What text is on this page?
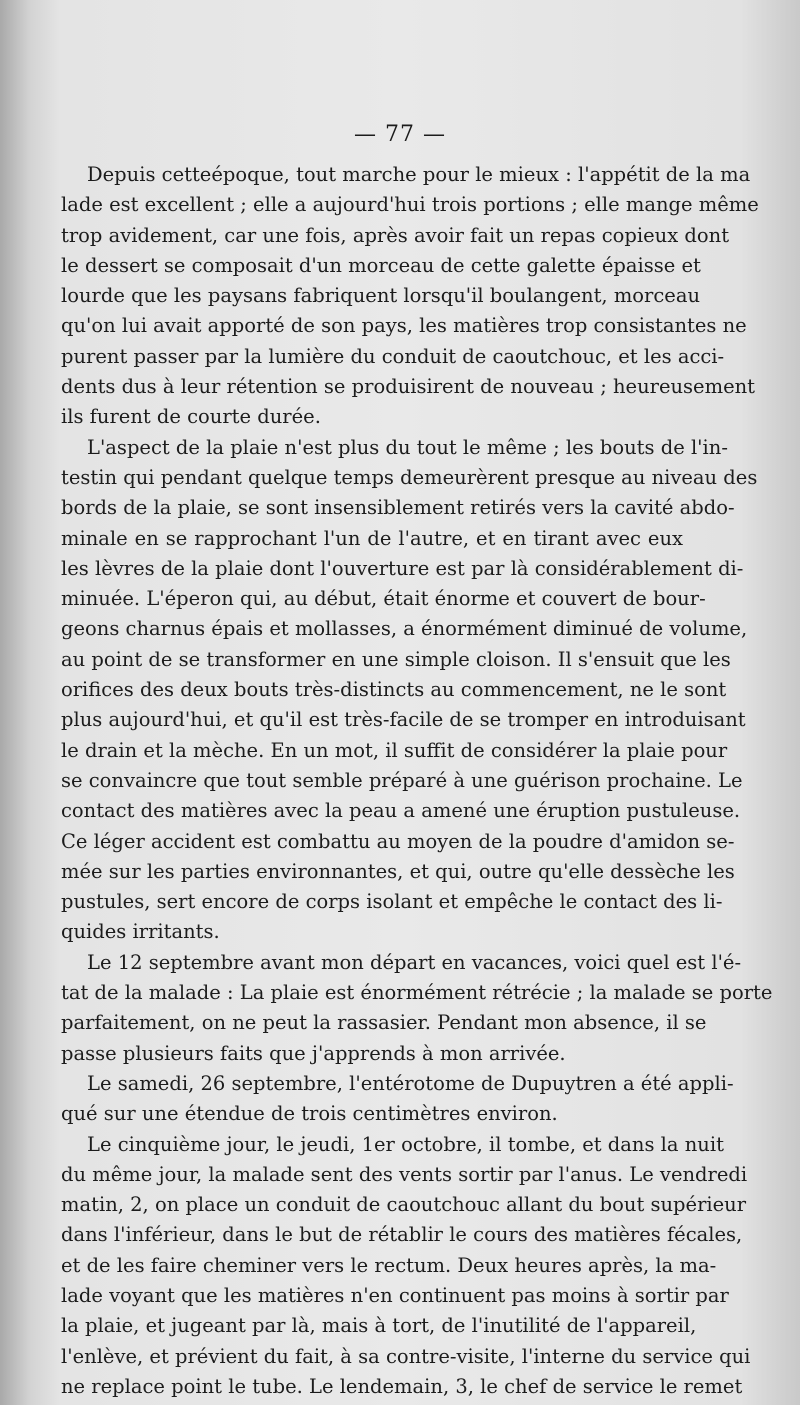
— 77 —
Depuis cetteépoque, tout marche pour le mieux : l'appétit de la ma
lade est excellent ; elle a aujourd'hui trois portions ; elle mange même
trop avidement, car une fois, après avoir fait un repas copieux dont
le dessert se composait d'un morceau de cette galette épaisse et
lourde que les paysans fabriquent lorsqu'il boulangent, morceau
qu'on lui avait apporté de son pays, les matières trop consistantes ne
purent passer par la lumière du conduit de caoutchouc, et les acci-
dents dus à leur rétention se produisirent de nouveau ; heureusement
ils furent de courte durée.
L'aspect de la plaie n'est plus du tout le même ; les bouts de l'in-
testin qui pendant quelque temps demeurèrent presque au niveau des
bords de la plaie, se sont insensiblement retirés vers la cavité abdo-
minale en se rapprochant l'un de l'autre, et en tirant avec eux
les lèvres de la plaie dont l'ouverture est par là considérablement di-
minuée. L'éperon qui, au début, était énorme et couvert de bour-
geons charnus épais et mollasses, a énormément diminué de volume,
au point de se transformer en une simple cloison. Il s'ensuit que les
orifices des deux bouts très-distincts au commencement, ne le sont
plus aujourd'hui, et qu'il est très-facile de se tromper en introduisant
le drain et la mèche. En un mot, il suffit de considérer la plaie pour
se convaincre que tout semble préparé à une guérison prochaine. Le
contact des matières avec la peau a amené une éruption pustuleuse.
Ce léger accident est combattu au moyen de la poudre d'amidon se-
mée sur les parties environnantes, et qui, outre qu'elle dessèche les
pustules, sert encore de corps isolant et empêche le contact des li-
quides irritants.
Le 12 septembre avant mon départ en vacances, voici quel est l'é-
tat de la malade : La plaie est énormément rétrécie ; la malade se porte
parfaitement, on ne peut la rassasier. Pendant mon absence, il se
passe plusieurs faits que j'apprends à mon arrivée.
Le samedi, 26 septembre, l'entérotome de Dupuytren a été appli-
qué sur une étendue de trois centimètres environ.
Le cinquième jour, le jeudi, 1er octobre, il tombe, et dans la nuit
du même jour, la malade sent des vents sortir par l'anus. Le vendredi
matin, 2, on place un conduit de caoutchouc allant du bout supérieur
dans l'inférieur, dans le but de rétablir le cours des matières fécales,
et de les faire cheminer vers le rectum. Deux heures après, la ma-
lade voyant que les matières n'en continuent pas moins à sortir par
la plaie, et jugeant par là, mais à tort, de l'inutilité de l'appareil,
l'enlève, et prévient du fait, à sa contre-visite, l'interne du service qui
ne replace point le tube. Le lendemain, 3, le chef de service le remet
